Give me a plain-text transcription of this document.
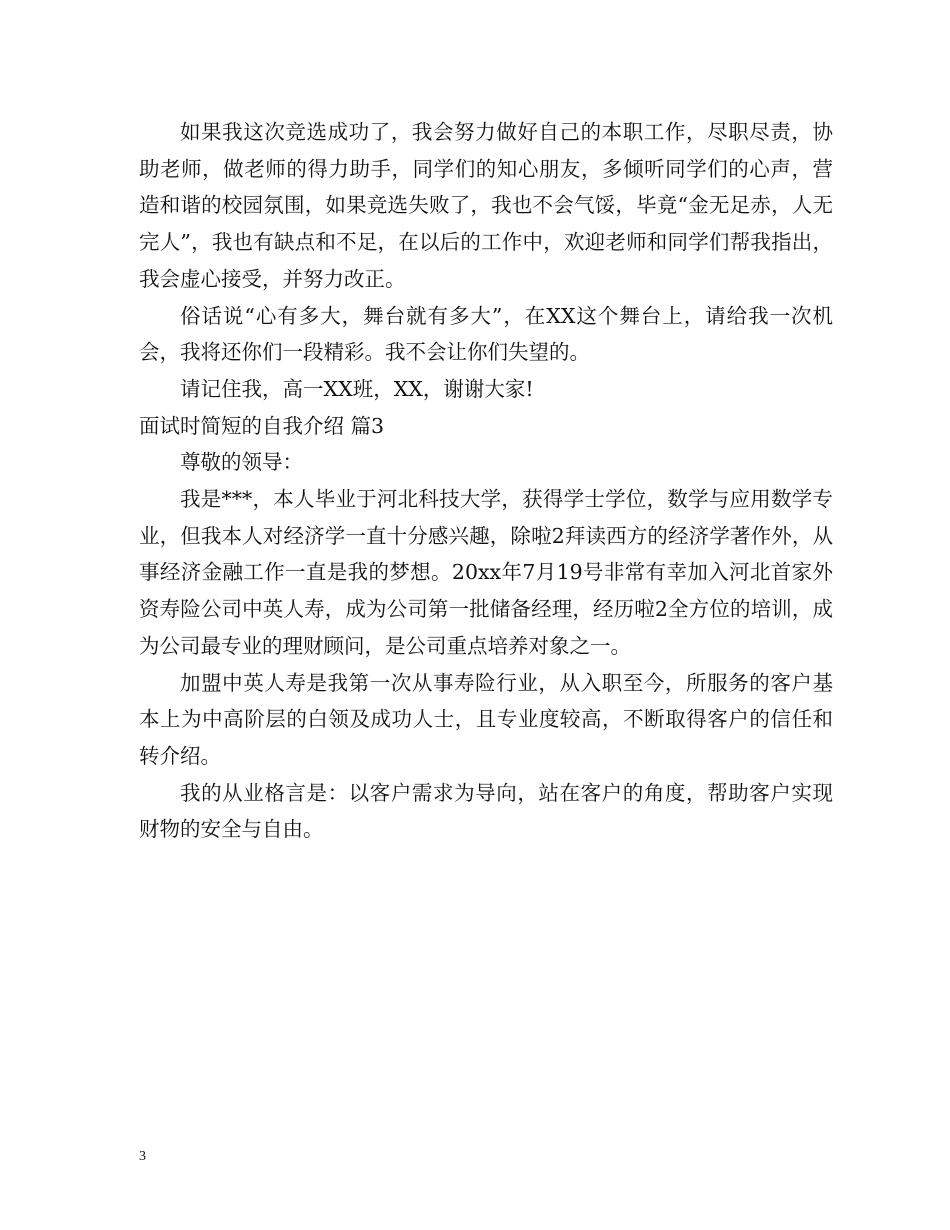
如果我这次竞选成功了，我会努力做好自己的本职工作，尽职尽责，协助老师，做老师的得力助手，同学们的知心朋友，多倾听同学们的心声，营造和谐的校园氛围，如果竞选失败了，我也不会气馁，毕竟“金无足赤，人无完人”，我也有缺点和不足，在以后的工作中，欢迎老师和同学们帮我指出，我会虚心接受，并努力改正。

俗话说“心有多大，舞台就有多大”，在XX这个舞台上，请给我一次机会，我将还你们一段精彩。我不会让你们失望的。

请记住我，高一XX班，XX，谢谢大家!

面试时简短的自我介绍 篇3

尊敬的领导：

我是***，本人毕业于河北科技大学，获得学士学位，数学与应用数学专业，但我本人对经济学一直十分感兴趣，除啦2拜读西方的经济学著作外，从事经济金融工作一直是我的梦想。20xx年7月19号非常有幸加入河北首家外资寿险公司中英人寿，成为公司第一批储备经理，经历啦2全方位的培训，成为公司最专业的理财顾问，是公司重点培养对象之一。

加盟中英人寿是我第一次从事寿险行业，从入职至今，所服务的客户基本上为中高阶层的白领及成功人士，且专业度较高，不断取得客户的信任和转介绍。

我的从业格言是：以客户需求为导向，站在客户的角度，帮助客户实现财物的安全与自由。

3
